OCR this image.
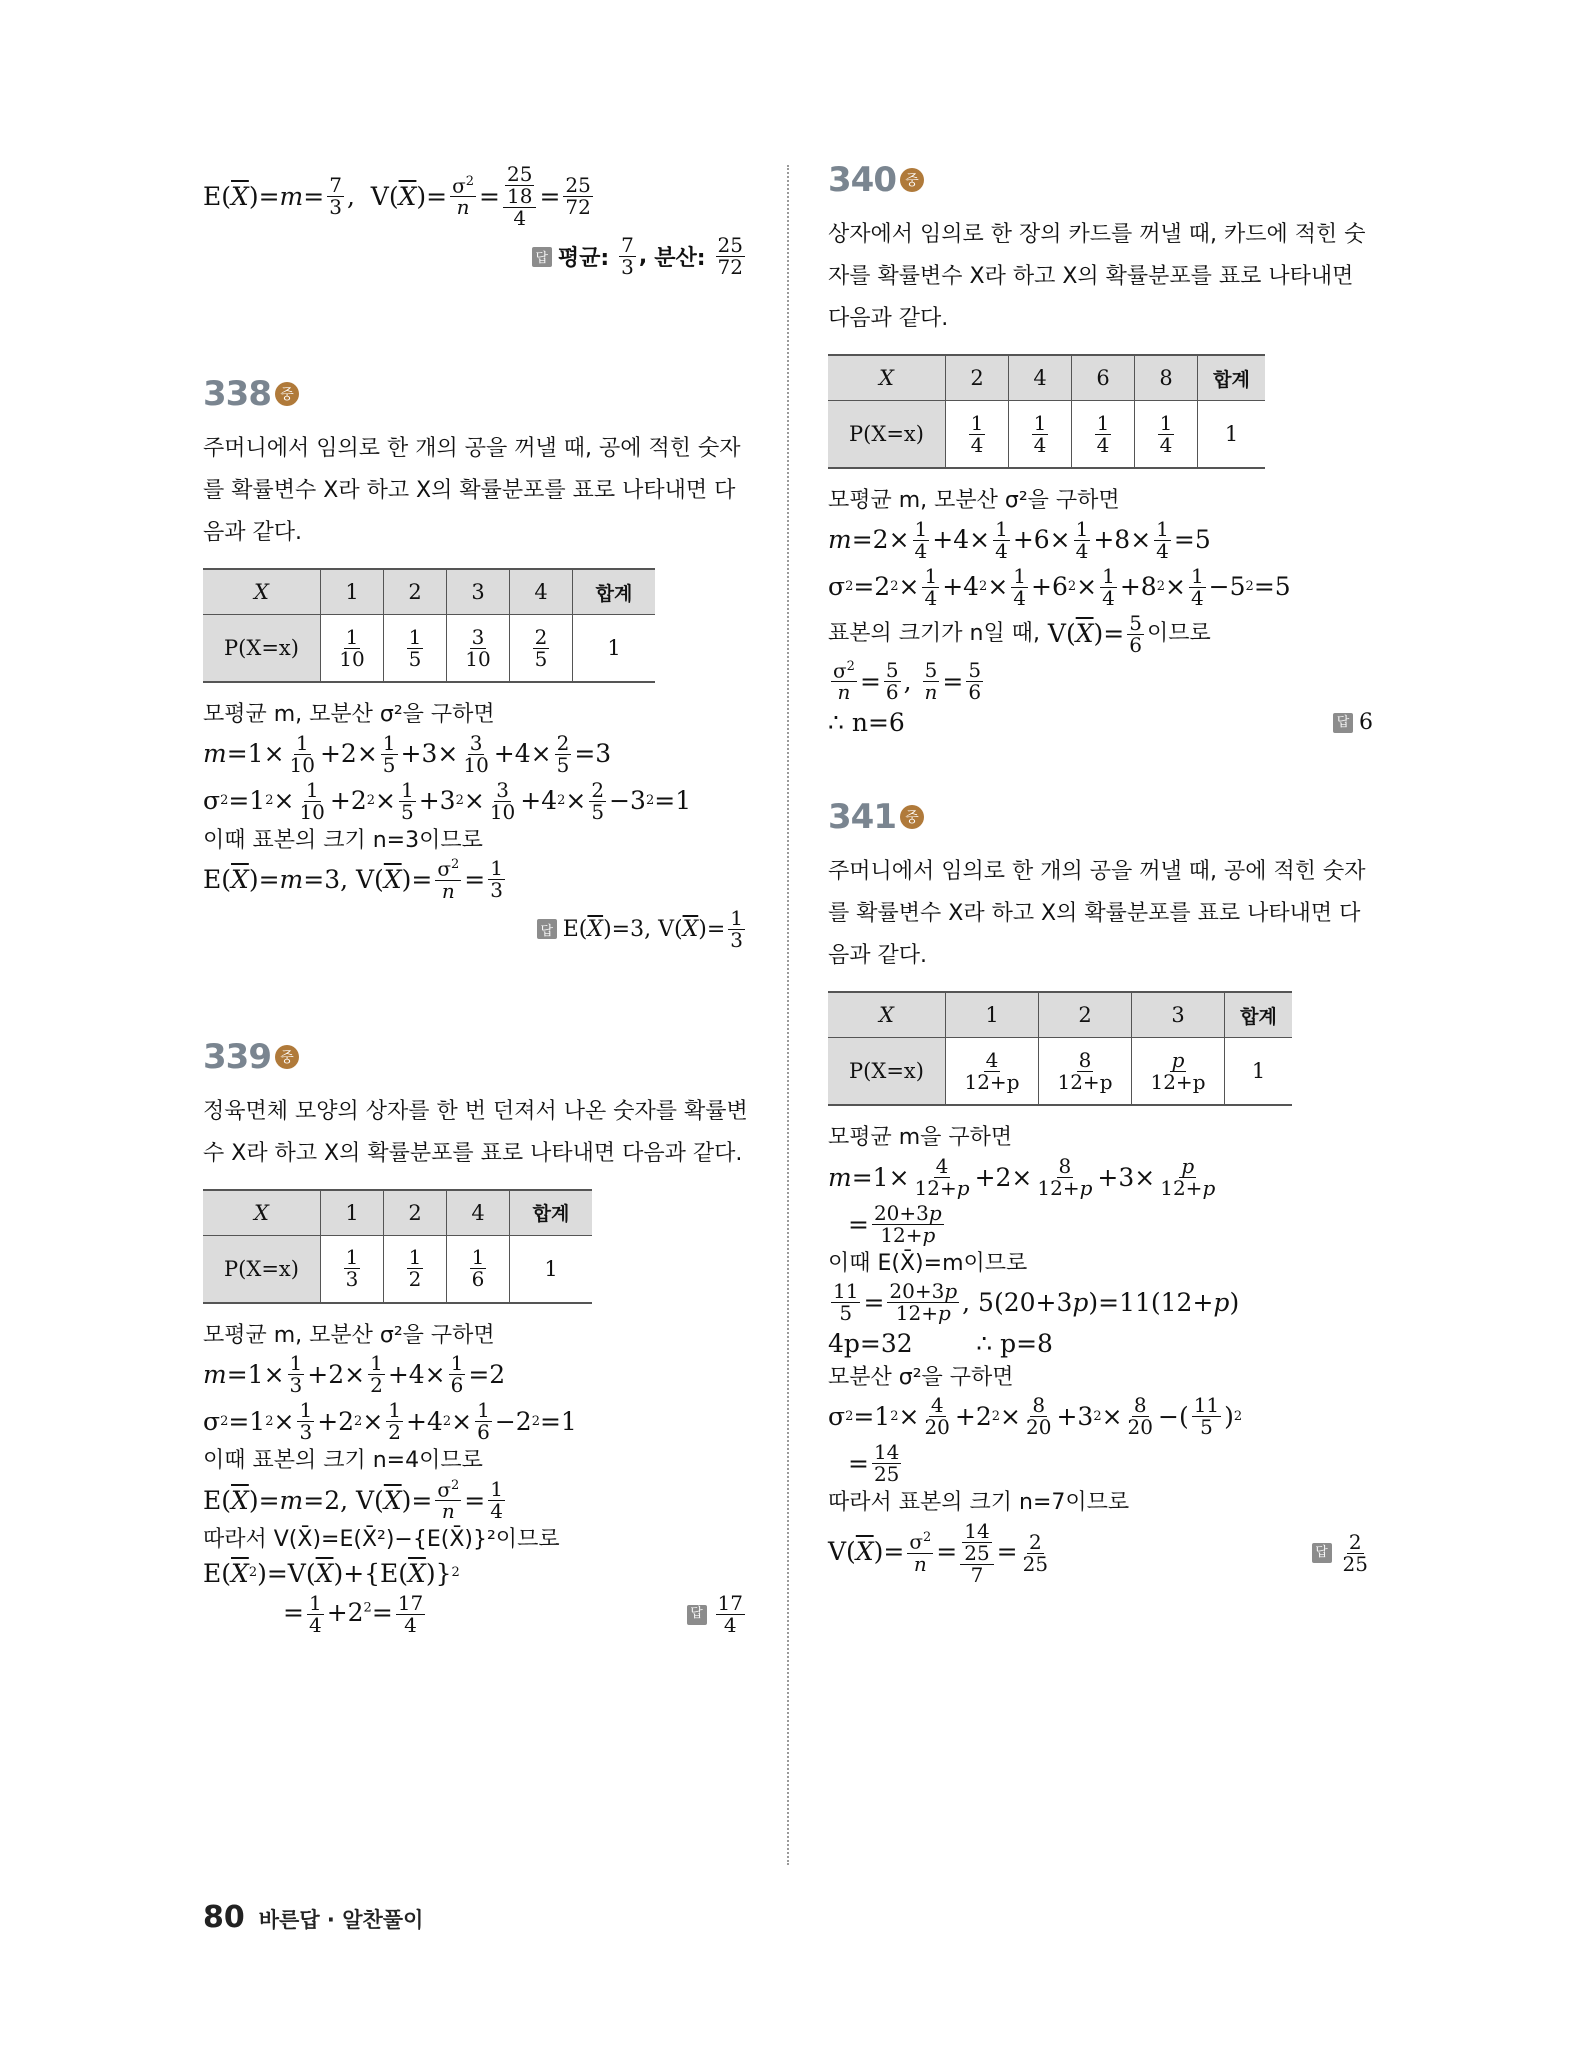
E( $\overline{X}$ )= $m = \frac{7}{3}$ ,  V( $\overline{X}$ )= $\frac{\sigma^2}{n} = \frac{\frac{25}{18}}{4} = \frac{25}{72}$
답 평균:
$\frac{7}{3}$ ,
분산:
$\frac{25}{72}$
338 중
주머니에서 임의로 한 개의 공을 꺼낼 때, 공에 적힌 숫자를 확률변수 X라 하고 X의 확률분포를 표로 나타내면 다음과 같다.
X	1	2	3	4	합계
P(X=x)	$\frac{1}{10}$	$\frac{1}{5}$	$\frac{3}{10}$	$\frac{2}{5}$	1
모평균 m, 모분산 σ²을 구하면
$m =1\times \frac{1}{10} +2\times \frac{1}{5} +3\times \frac{3}{10} +4\times \frac{2}{5} =3$
σ 2 =1 $2 \times \frac{1}{10} +2$ $2 \times \frac{1}{5} +3$ $2 \times \frac{3}{10} +4$ $2 \times \frac{2}{5} -3$ 2 =1
이때 표본의 크기 n=3이므로
E( $\overline{X}$ )= m =3, V( $\overline{X}$ )= $\frac{\sigma^2}{n} = \frac{1}{3}$
답 E( $\overline{X}$ )=3, V( $\overline{X}$ )= $\frac{1}{3}$
339 중
정육면체 모양의 상자를 한 번 던져서 나온 숫자를 확률변수 X라 하고 X의 확률분포를 표로 나타내면 다음과 같다.
X	1	2	4	합계
P(X=x)	$\frac{1}{3}$	$\frac{1}{2}$	$\frac{1}{6}$	1
모평균 m, 모분산 σ²을 구하면
$m =1\times \frac{1}{3} +2\times \frac{1}{2} +4\times \frac{1}{6} =2$
σ 2 =1 $2 \times \frac{1}{3} +2$ $2 \times \frac{1}{2} +4$ $2 \times \frac{1}{6} -2$ 2 =1
이때 표본의 크기 n=4이므로
E( $\overline{X}$ )= m =2, V( $\overline{X}$ )= $\frac{\sigma^2}{n} = \frac{1}{4}$
따라서 V(X̄)=E(X̄²)−{E(X̄)}²이므로
E( $\overline{X}$ 2 )=V( $\overline{X}$ )+{E( $\overline{X}$ )} 2
= $\frac{1}{4} +2^2= \frac{17}{4}$	답 $\frac{17}{4}$
340 중
상자에서 임의로 한 장의 카드를 꺼낼 때, 카드에 적힌 숫자를 확률변수 X라 하고 X의 확률분포를 표로 나타내면 다음과 같다.
X	2	4	6	8	합계
P(X=x)	$\frac{1}{4}$	$\frac{1}{4}$	$\frac{1}{4}$	$\frac{1}{4}$	1
모평균 m, 모분산 σ²을 구하면
$m =2\times \frac{1}{4} +4\times \frac{1}{4} +6\times \frac{1}{4} +8\times \frac{1}{4} =5$
σ 2 =2 $2 \times \frac{1}{4} +4$ $2 \times \frac{1}{4} +6$ $2 \times \frac{1}{4} +8$ $2 \times \frac{1}{4} -5$ 2 =5
표본의 크기가 n일 때, V( $\overline{X}$ )= $\frac{5}{6}$ 이므로
$\frac{\sigma^2}{n} = \frac{5}{6}$ , $\frac{5}{n} = \frac{5}{6}$
∴ n=6	답 6
341 중
주머니에서 임의로 한 개의 공을 꺼낼 때, 공에 적힌 숫자를 확률변수 X라 하고 X의 확률분포를 표로 나타내면 다음과 같다.
X	1	2	3	합계
P(X=x)	$\frac{4}{12+p}$	$\frac{8}{12+p}$	$\frac{p}{12+p}$	1
모평균 m을 구하면
$m =1\times \frac{4}{12+p} +2\times \frac{8}{12+p} +3\times \frac{p}{12+p}$
= $\frac{20+3p}{12+p}$
이때 E(X̄)=m이므로
$\frac{11}{5} = \frac{20+3p}{12+p}$ , 5(20+3 p )=11(12+ p )
4p=32        ∴ p=8
모분산 σ²을 구하면
σ 2 =1 $2 \times \frac{4}{20} +2$ $2 \times \frac{8}{20} +3$ $2 \times \frac{8}{20}$ −( $\frac{11}{5}$ ) 2
= $\frac{14}{25}$
따라서 표본의 크기 n=7이므로
$V(\overline{X})= \frac{\sigma^2}{n} = \frac{\frac{14}{25}}{7} = \frac{2}{25}$	답 $\frac{2}{25}$
80 바른답 · 알찬풀이
